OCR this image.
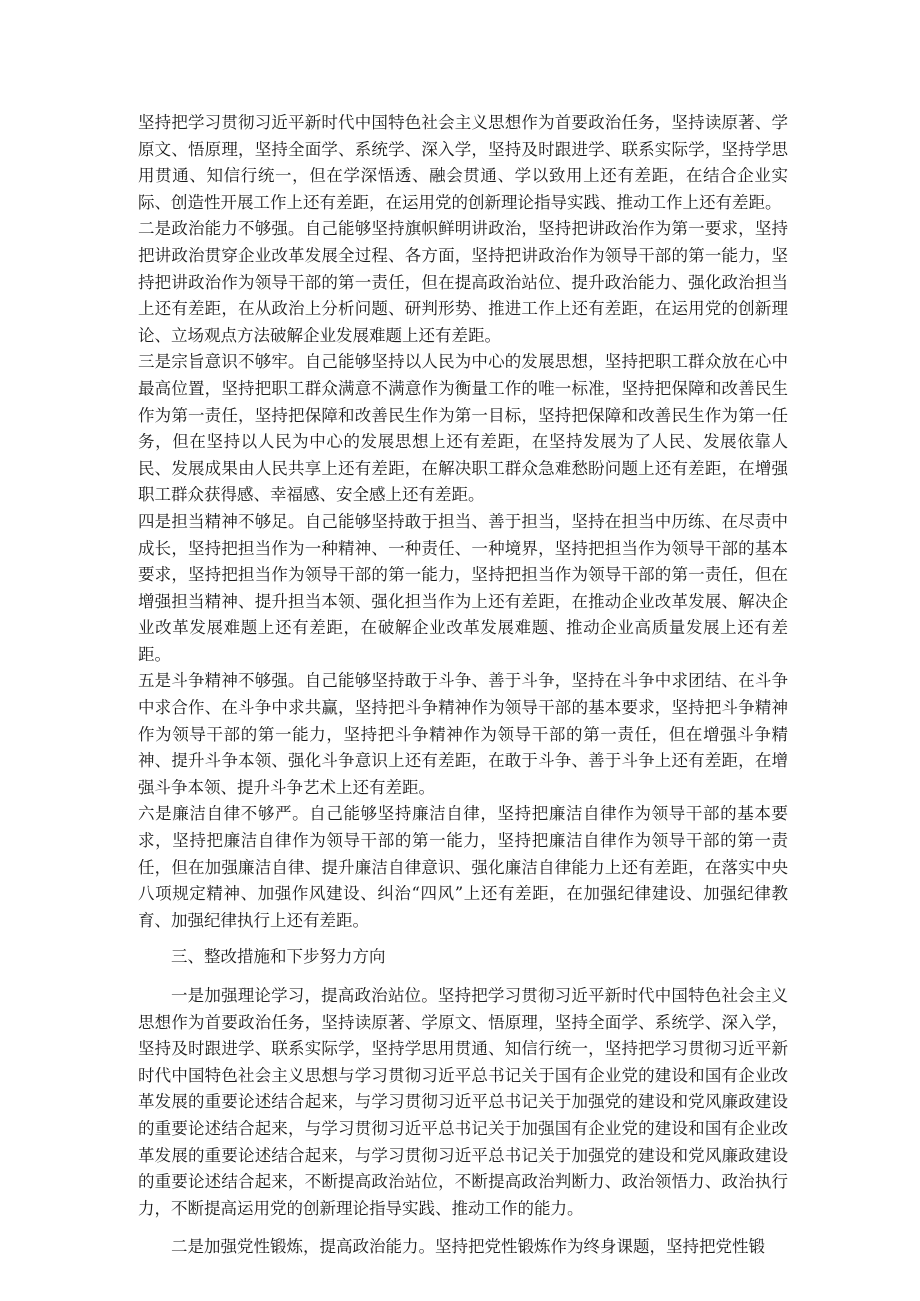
坚持把学习贯彻习近平新时代中国特色社会主义思想作为首要政治任务，坚持读原著、学原文、悟原理，坚持全面学、系统学、深入学，坚持及时跟进学、联系实际学，坚持学思用贯通、知信行统一，但在学深悟透、融会贯通、学以致用上还有差距，在结合企业实际、创造性开展工作上还有差距，在运用党的创新理论指导实践、推动工作上还有差距。

二是政治能力不够强。自己能够坚持旗帜鲜明讲政治，坚持把讲政治作为第一要求，坚持把讲政治贯穿企业改革发展全过程、各方面，坚持把讲政治作为领导干部的第一能力，坚持把讲政治作为领导干部的第一责任，但在提高政治站位、提升政治能力、强化政治担当上还有差距，在从政治上分析问题、研判形势、推进工作上还有差距，在运用党的创新理论、立场观点方法破解企业发展难题上还有差距。

三是宗旨意识不够牢。自己能够坚持以人民为中心的发展思想，坚持把职工群众放在心中最高位置，坚持把职工群众满意不满意作为衡量工作的唯一标准，坚持把保障和改善民生作为第一责任，坚持把保障和改善民生作为第一目标，坚持把保障和改善民生作为第一任务，但在坚持以人民为中心的发展思想上还有差距，在坚持发展为了人民、发展依靠人民、发展成果由人民共享上还有差距，在解决职工群众急难愁盼问题上还有差距，在增强职工群众获得感、幸福感、安全感上还有差距。

四是担当精神不够足。自己能够坚持敢于担当、善于担当，坚持在担当中历练、在尽责中成长，坚持把担当作为一种精神、一种责任、一种境界，坚持把担当作为领导干部的基本要求，坚持把担当作为领导干部的第一能力，坚持把担当作为领导干部的第一责任，但在增强担当精神、提升担当本领、强化担当作为上还有差距，在推动企业改革发展、解决企业改革发展难题上还有差距，在破解企业改革发展难题、推动企业高质量发展上还有差距。

五是斗争精神不够强。自己能够坚持敢于斗争、善于斗争，坚持在斗争中求团结、在斗争中求合作、在斗争中求共赢，坚持把斗争精神作为领导干部的基本要求，坚持把斗争精神作为领导干部的第一能力，坚持把斗争精神作为领导干部的第一责任，但在增强斗争精神、提升斗争本领、强化斗争意识上还有差距，在敢于斗争、善于斗争上还有差距，在增强斗争本领、提升斗争艺术上还有差距。

六是廉洁自律不够严。自己能够坚持廉洁自律，坚持把廉洁自律作为领导干部的基本要求，坚持把廉洁自律作为领导干部的第一能力，坚持把廉洁自律作为领导干部的第一责任，但在加强廉洁自律、提升廉洁自律意识、强化廉洁自律能力上还有差距，在落实中央八项规定精神、加强作风建设、纠治“四风”上还有差距，在加强纪律建设、加强纪律教育、加强纪律执行上还有差距。

三、整改措施和下步努力方向

一是加强理论学习，提高政治站位。坚持把学习贯彻习近平新时代中国特色社会主义思想作为首要政治任务，坚持读原著、学原文、悟原理，坚持全面学、系统学、深入学，坚持及时跟进学、联系实际学，坚持学思用贯通、知信行统一，坚持把学习贯彻习近平新时代中国特色社会主义思想与学习贯彻习近平总书记关于国有企业党的建设和国有企业改革发展的重要论述结合起来，与学习贯彻习近平总书记关于加强党的建设和党风廉政建设的重要论述结合起来，与学习贯彻习近平总书记关于加强国有企业党的建设和国有企业改革发展的重要论述结合起来，与学习贯彻习近平总书记关于加强党的建设和党风廉政建设的重要论述结合起来，不断提高政治站位，不断提高政治判断力、政治领悟力、政治执行力，不断提高运用党的创新理论指导实践、推动工作的能力。

二是加强党性锻炼，提高政治能力。坚持把党性锻炼作为终身课题，坚持把党性锻
